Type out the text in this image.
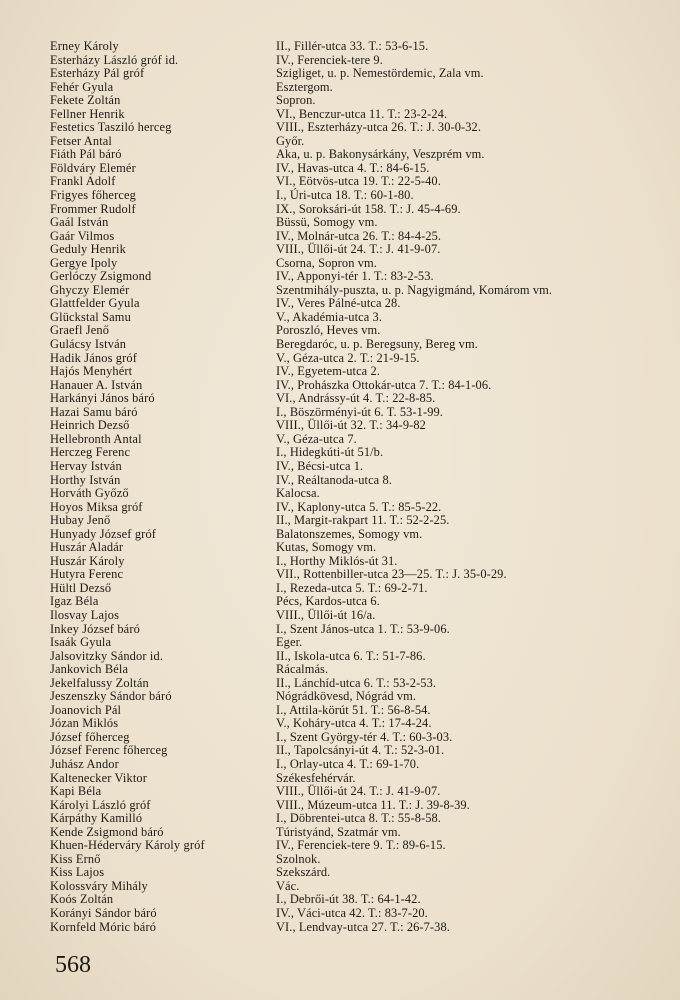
Erney Károly	II., Fillér-utca 33. T.: 53-6-15.
Esterházy László gróf id.	IV., Ferenciek-tere 9.
Esterházy Pál gróf	Szigliget, u. p. Nemestördemic, Zala vm.
Fehér Gyula	Esztergom.
Fekete Zoltán	Sopron.
Fellner Henrik	VI., Benczur-utca 11. T.: 23-2-24.
Festetics Tasziló herceg	VIII., Eszterházy-utca 26. T.: J. 30-0-32.
Fetser Antal	Győr.
Fiáth Pál báró	Aka, u. p. Bakonysárkány, Veszprém vm.
Földváry Elemér	IV., Havas-utca 4. T.: 84-6-15.
Frankl Adolf	VI., Eötvös-utca 19. T.: 22-5-40.
Frigyes főherceg	I., Úri-utca 18. T.: 60-1-80.
Frommer Rudolf	IX., Soroksári-út 158. T.: J. 45-4-69.
Gaál István	Büssü, Somogy vm.
Gaár Vilmos	IV., Molnár-utca 26. T.: 84-4-25.
Geduly Henrik	VIII., Üllői-út 24. T.: J. 41-9-07.
Gergye Ipoly	Csorna, Sopron vm.
Gerlóczy Zsigmond	IV., Apponyi-tér 1. T.: 83-2-53.
Ghyczy Elemér	Szentmihály-puszta, u. p. Nagyigmánd, Komárom vm.
Glattfelder Gyula	IV., Veres Pálné-utca 28.
Glückstal Samu	V., Akadémia-utca 3.
Graefl Jenő	Poroszló, Heves vm.
Gulácsy István	Beregdaróc, u. p. Beregsuny, Bereg vm.
Hadik János gróf	V., Géza-utca 2. T.: 21-9-15.
Hajós Menyhért	IV., Egyetem-utca 2.
Hanauer A. István	IV., Prohászka Ottokár-utca 7. T.: 84-1-06.
Harkányi János báró	VI., Andrássy-út 4. T.: 22-8-85.
Hazai Samu báró	I., Böszörményi-út 6. T. 53-1-99.
Heinrich Dezső	VIII., Üllői-út 32. T.: 34-9-82
Hellebronth Antal	V., Géza-utca 7.
Herczeg Ferenc	I., Hidegkúti-út 51/b.
Hervay István	IV., Bécsi-utca 1.
Horthy István	IV., Reáltanoda-utca 8.
Horváth Győző	Kalocsa.
Hoyos Miksa gróf	IV., Kaplony-utca 5. T.: 85-5-22.
Hubay Jenő	II., Margit-rakpart 11. T.: 52-2-25.
Hunyady József gróf	Balatonszemes, Somogy vm.
Huszár Aladár	Kutas, Somogy vm.
Huszár Károly	I., Horthy Miklós-út 31.
Hutyra Ferenc	VII., Rottenbiller-utca 23—25. T.: J. 35-0-29.
Hültl Dezső	I., Rezeda-utca 5. T.: 69-2-71.
Igaz Béla	Pécs, Kardos-utca 6.
Ilosvay Lajos	VIII., Üllői-út 16/a.
Inkey József báró	I., Szent János-utca 1. T.: 53-9-06.
Isaák Gyula	Eger.
Jalsovitzky Sándor id.	II., Iskola-utca 6. T.: 51-7-86.
Jankovich Béla	Rácalmás.
Jekelfalussy Zoltán	II., Lánchíd-utca 6. T.: 53-2-53.
Jeszenszky Sándor báró	Nógrádkövesd, Nógrád vm.
Joanovich Pál	I., Attila-körút 51. T.: 56-8-54.
Józan Miklós	V., Koháry-utca 4. T.: 17-4-24.
József főherceg	I., Szent György-tér 4. T.: 60-3-03.
József Ferenc főherceg	II., Tapolcsányi-út 4. T.: 52-3-01.
Juhász Andor	I., Orlay-utca 4. T.: 69-1-70.
Kaltenecker Viktor	Székesfehérvár.
Kapi Béla	VIII., Üllői-út 24. T.: J. 41-9-07.
Károlyi László gróf	VIII., Múzeum-utca 11. T.: J. 39-8-39.
Kárpáthy Kamilló	I., Döbrentei-utca 8. T.: 55-8-58.
Kende Zsigmond báró	Túristyánd, Szatmár vm.
Khuen-Héderváry Károly gróf	IV., Ferenciek-tere 9. T.: 89-6-15.
Kiss Ernő	Szolnok.
Kiss Lajos	Szekszárd.
Kolossváry Mihály	Vác.
Koós Zoltán	I., Debrői-út 38. T.: 64-1-42.
Korányi Sándor báró	IV., Váci-utca 42. T.: 83-7-20.
Kornfeld Móric báró	VI., Lendvay-utca 27. T.: 26-7-38.
568
